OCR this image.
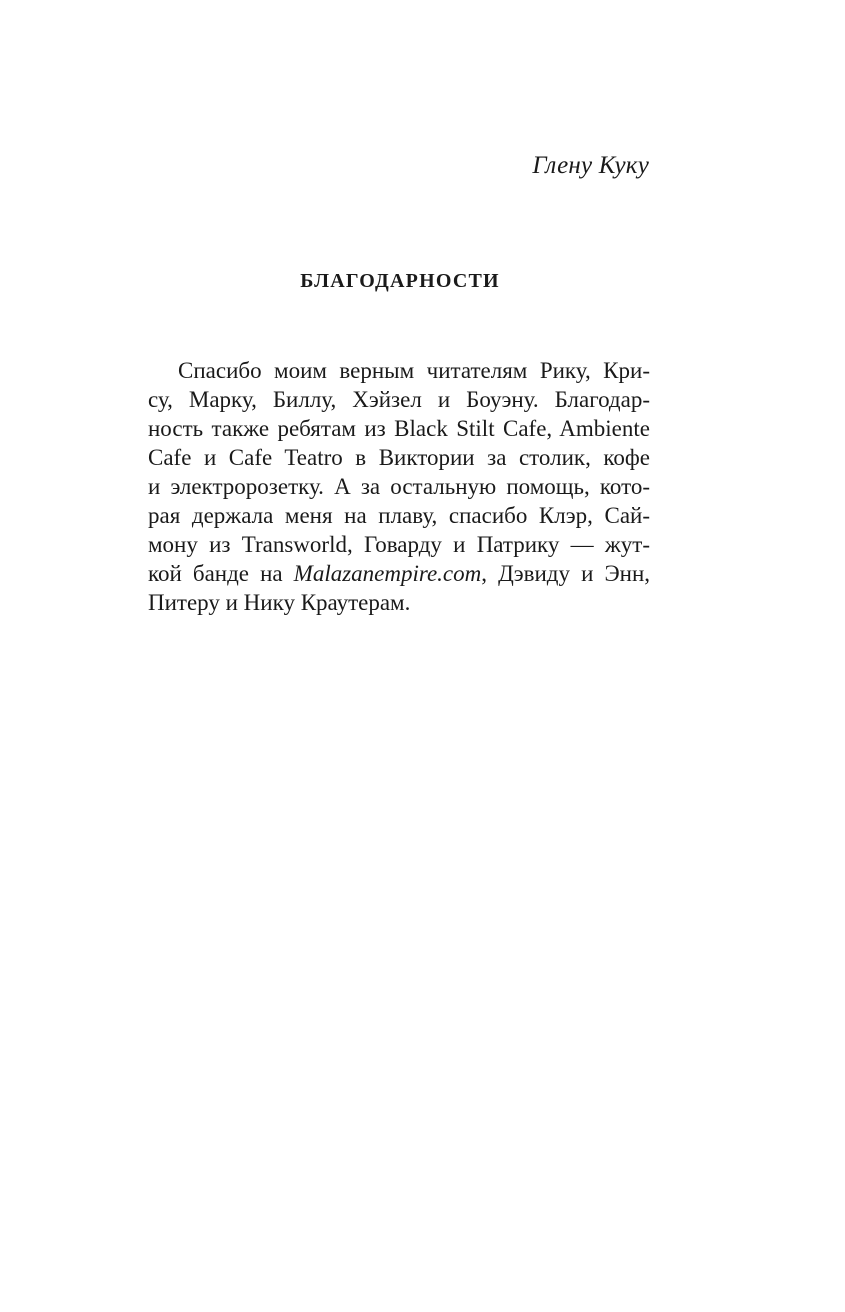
Глену Куку
БЛАГОДАРНОСТИ
Спасибо моим верным читателям Рику, Кри-
су, Марку, Биллу, Хэйзел и Боуэну. Благодар-
ность также ребятам из Black Stilt Cafe, Ambiente
Cafe и Cafe Teatro в Виктории за столик, кофе
и электророзетку. А за остальную помощь, кото-
рая держала меня на плаву, спасибо Клэр, Сай-
мону из Transworld, Говарду и Патрику — жут-
кой банде на Malazanempire.com, Дэвиду и Энн,
Питеру и Нику Краутерам.
